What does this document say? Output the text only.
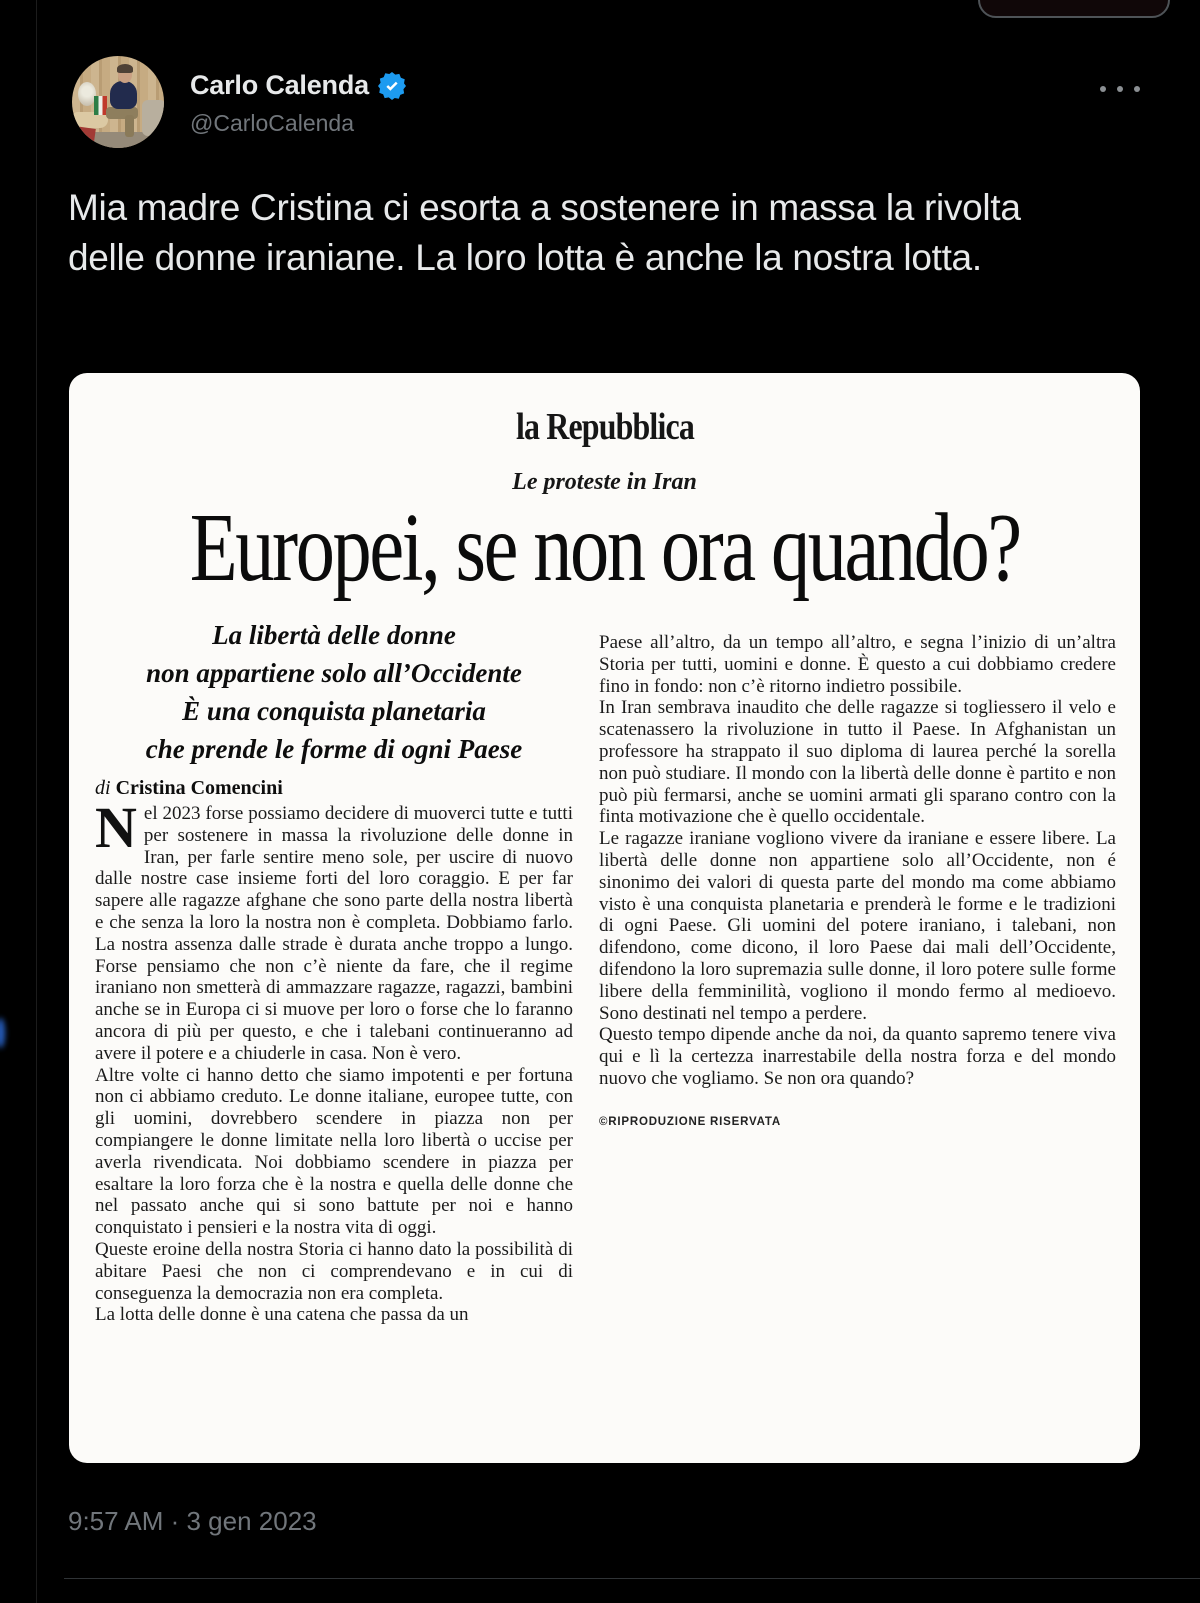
Carlo Calenda
@CarloCalenda
Mia madre Cristina ci esorta a sostenere in massa la rivolta delle donne iraniane. La loro lotta è anche la nostra lotta.
la Repubblica
Le proteste in Iran
Europei, se non ora quando?
La libertà delle donne
non appartiene solo all’Occidente
È una conquista planetaria
che prende le forme di ogni Paese
di Cristina Comencini

Nel 2023 forse possiamo decidere di muoverci tutte e tutti per sostenere in massa la rivoluzione delle donne in Iran, per farle sentire meno sole, per uscire di nuovo dalle nostre case insieme forti del loro coraggio. E per far sapere alle ragazze afghane che sono parte della nostra libertà e che senza la loro la nostra non è completa. Dobbiamo farlo. La nostra assenza dalle strade è durata anche troppo a lungo. Forse pensiamo che non c’è niente da fare, che il regime iraniano non smetterà di ammazzare ragazze, ragazzi, bambini anche se in Europa ci si muove per loro o forse che lo faranno ancora di più per questo, e che i talebani continueranno ad avere il potere e a chiuderle in casa. Non è vero.

Altre volte ci hanno detto che siamo impotenti e per fortuna non ci abbiamo creduto. Le donne italiane, europee tutte, con gli uomini, dovrebbero scendere in piazza non per compiangere le donne limitate nella loro libertà o uccise per averla rivendicata. Noi dobbiamo scendere in piazza per esaltare la loro forza che è la nostra e quella delle donne che nel passato anche qui si sono battute per noi e hanno conquistato i pensieri e la nostra vita di oggi.

Queste eroine della nostra Storia ci hanno dato la possibilità di abitare Paesi che non ci comprendevano e in cui di conseguenza la democrazia non era completa.

La lotta delle donne è una catena che passa da un

Paese all’altro, da un tempo all’altro, e segna l’inizio di un’altra Storia per tutti, uomini e donne. È questo a cui dobbiamo credere fino in fondo: non c’è ritorno indietro possibile.

In Iran sembrava inaudito che delle ragazze si togliessero il velo e scatenassero la rivoluzione in tutto il Paese. In Afghanistan un professore ha strappato il suo diploma di laurea perché la sorella non può studiare. Il mondo con la libertà delle donne è partito e non può più fermarsi, anche se uomini armati gli sparano contro con la finta motivazione che è quello occidentale.

Le ragazze iraniane vogliono vivere da iraniane e essere libere. La libertà delle donne non appartiene solo all’Occidente, non é sinonimo dei valori di questa parte del mondo ma come abbiamo visto è una conquista planetaria e prenderà le forme e le tradizioni di ogni Paese. Gli uomini del potere iraniano, i talebani, non difendono, come dicono, il loro Paese dai mali dell’Occidente, difendono la loro supremazia sulle donne, il loro potere sulle forme libere della femminilità, vogliono il mondo fermo al medioevo. Sono destinati nel tempo a perdere.

Questo tempo dipende anche da noi, da quanto sapremo tenere viva qui e lì la certezza inarrestabile della nostra forza e del mondo nuovo che vogliamo. Se non ora quando?

©RIPRODUZIONE RISERVATA
9:57 AM · 3 gen 2023
